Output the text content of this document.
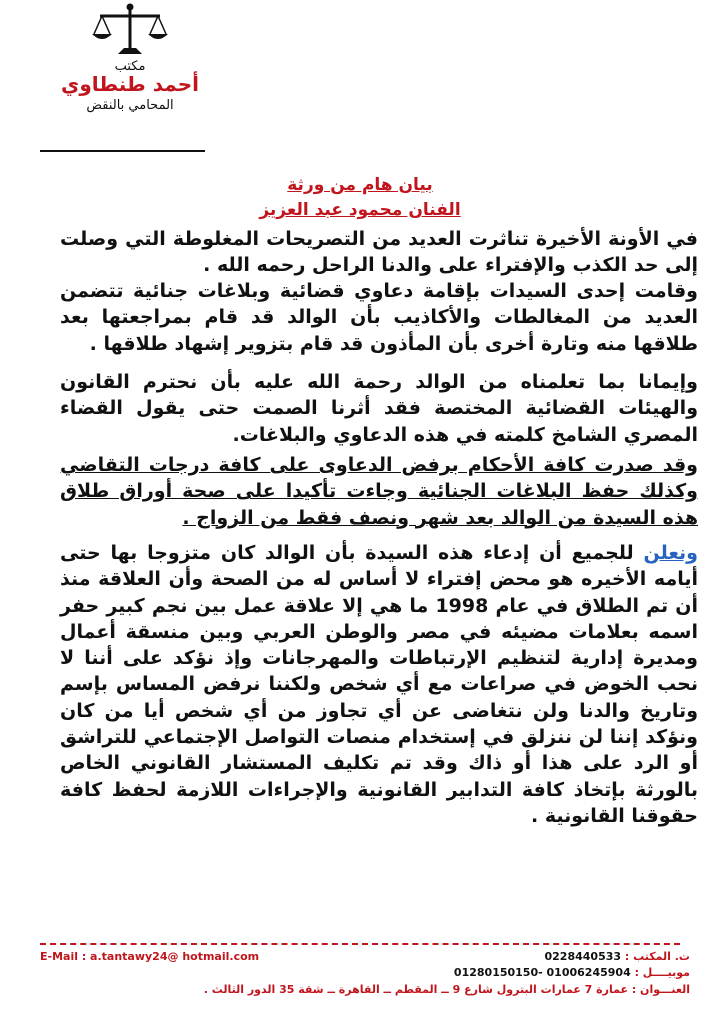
مكتب
أحمد طنطاوي
المحامي بالنقض
بيان هام من ورثة
الفنان محمود عبد العزيز

في الأونة الأخيرة تناثرت العديد من التصريحات المغلوطة التي وصلت إلى حد الكذب والإفتراء على والدنا الراحل رحمه الله .

وقامت إحدى السيدات بإقامة دعاوي قضائية وبلاغات جنائية تتضمن العديد من المغالطات والأكاذيب بأن الوالد قد قام بمراجعتها بعد طلاقها منه وتارة أخرى بأن المأذون قد قام بتزوير إشهاد طلاقها .

وإيمانا بما تعلمناه من الوالد رحمة الله عليه بأن نحترم القانون والهيئات القضائية المختصة فقد أثرنا الصمت حتى يقول القضاء المصري الشامخ كلمته في هذه الدعاوي والبلاغات.

وقد صدرت كافة الأحكام برفض الدعاوى على كافة درجات التقاضي وكذلك حفظ البلاغات الجنائية وجاءت تأكيدا على صحة أوراق طلاق هذه السيدة من الوالد بعد شهر ونصف فقط من الزواج .

ونعلن للجميع أن إدعاء هذه السيدة بأن الوالد كان متزوجا بها حتى أيامه الأخيره هو محض إفتراء لا أساس له من الصحة وأن العلاقة منذ أن تم الطلاق في عام 1998 ما هي إلا علاقة عمل بين نجم كبير حفر اسمه بعلامات مضيئه في مصر والوطن العربي وبين منسقة أعمال ومديرة إدارية لتنظيم الإرتباطات والمهرجانات وإذ نؤكد على أننا لا نحب الخوض في صراعات مع أي شخص ولكننا نرفض المساس بإسم وتاريخ والدنا ولن نتغاضى عن أي تجاوز من أي شخص أيا من كان ونؤكد إننا لن ننزلق في إستخدام منصات التواصل الإجتماعي للتراشق أو الرد على هذا أو ذاك وقد تم تكليف المستشار القانوني الخاص بالورثة بإتخاذ كافة التدابير القانونية والإجراءات اللازمة لحفظ كافة حقوقنا القانونية .

E-Mail : a.tantawy24@ hotmail.com	ت. المكتب : 0228440533
موبيــــل : 01006245904 -01280150150
العنـــوان : عمارة 7 عمارات البترول شارع 9 ــ المقطم ــ القاهرة ــ شقة 35 الدور الثالث .
